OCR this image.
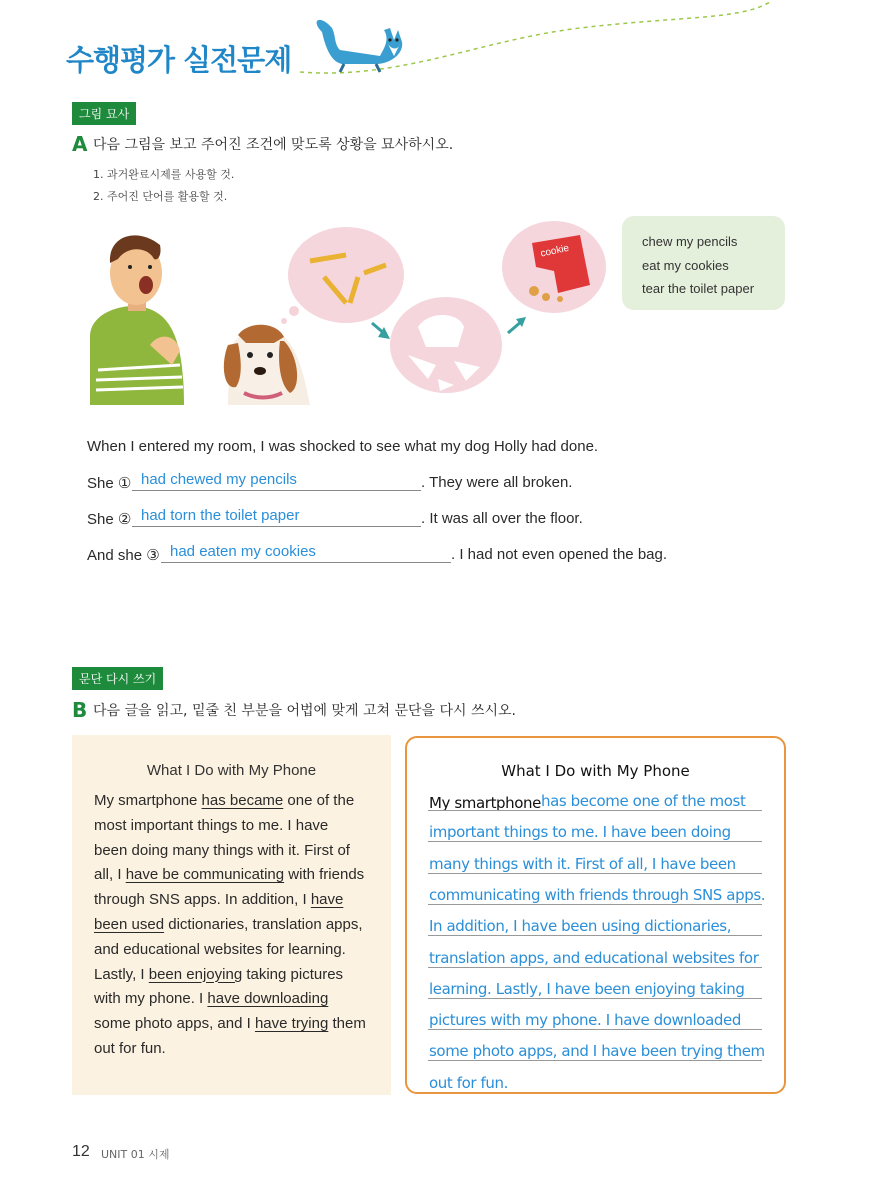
수행평가 실전문제
그림 묘사
A 다음 그림을 보고 주어진 조건에 맞도록 상황을 묘사하시오.
1. 과거완료시제를 사용할 것.
2. 주어진 단어를 활용할 것.
cookie
chew my pencils
eat my cookies
tear the toilet paper
When I entered my room, I was shocked to see what my dog Holly had done.
She ① had chewed my pencils	. They were all broken.
She ② had torn the toilet paper	. It was all over the floor.
And she ③ had eaten my cookies	. I had not even opened the bag.
문단 다시 쓰기
B 다음 글을 읽고, 밑줄 친 부분을 어법에 맞게 고쳐 문단을 다시 쓰시오.
What I Do with My Phone
My smartphone has became one of the
most important things to me. I have
been doing many things with it. First of
all, I have be communicating with friends
through SNS apps. In addition, I have
been used dictionaries, translation apps,
and educational websites for learning.
Lastly, I been enjoying taking pictures
with my phone. I have downloading
some photo apps, and I have trying them
out for fun.
What I Do with My Phone
My smartphone has become one of the most
important things to me. I have been doing
many things with it. First of all, I have been
communicating with friends through SNS apps.
In addition, I have been using dictionaries,
translation apps, and educational websites for
learning. Lastly, I have been enjoying taking
pictures with my phone. I have downloaded
some photo apps, and I have been trying them
out for fun.
12 UNIT 01 시제
